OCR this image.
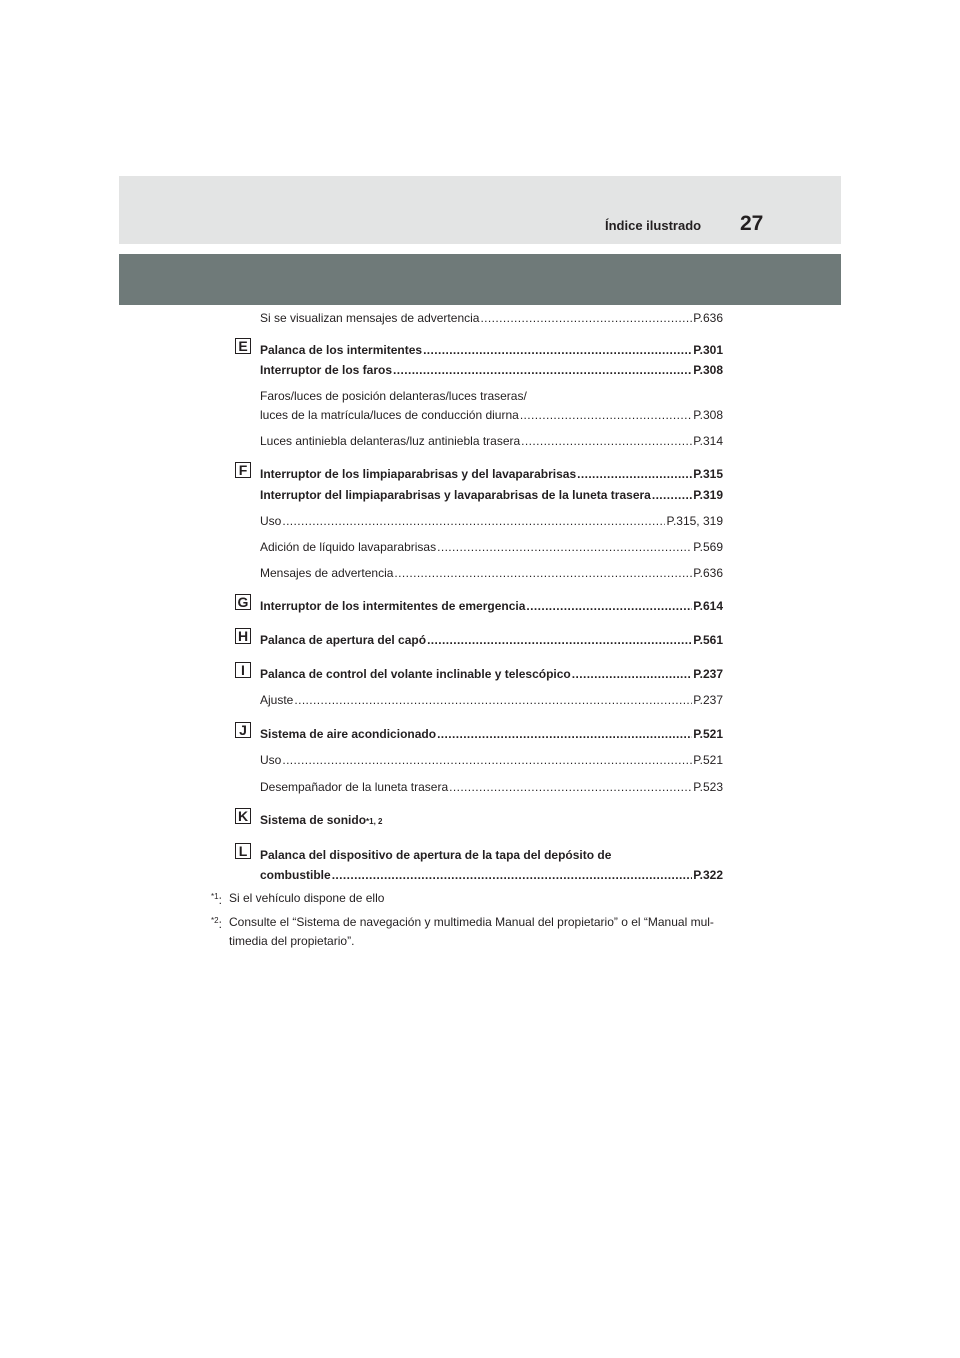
27
Índice ilustrado
Si se visualizan mensajes de advertencia .....	P.636
E Palanca de los intermitentes .....	P.301
Interruptor de los faros .....	P.308
Faros/luces de posición delanteras/luces traseras/
luces de la matrícula/luces de conducción diurna .....	P.308
Luces antiniebla delanteras/luz antiniebla trasera .....	P.314
F	Interruptor de los limpiaparabrisas y del lavaparabrisas .....	P.315
Interruptor del limpiaparabrisas y lavaparabrisas de la luneta trasera .....	P.319
Uso .....	P.315, 319
Adición de líquido lavaparabrisas .....	P.569
Mensajes de advertencia .....	P.636
G Interruptor de los intermitentes de emergencia .....	P.614
H Palanca de apertura del capó .....	P.561
I	Palanca de control del volante inclinable y telescópico .....	P.237
Ajuste .....	P.237
J	Sistema de aire acondicionado .....	P.521
Uso .....	P.521
Desempañador de la luneta trasera .....	P.523
K Sistema de sonido *1, 2
L	Palanca del dispositivo de apertura de la tapa del depósito de
combustible .....	P.322
$^{*1}$: Si el vehículo dispone de ello
$^{*2}$: Consulte el “Sistema de navegación y multimedia Manual del propietario” o el “Manual mul-
timedia del propietario”.
